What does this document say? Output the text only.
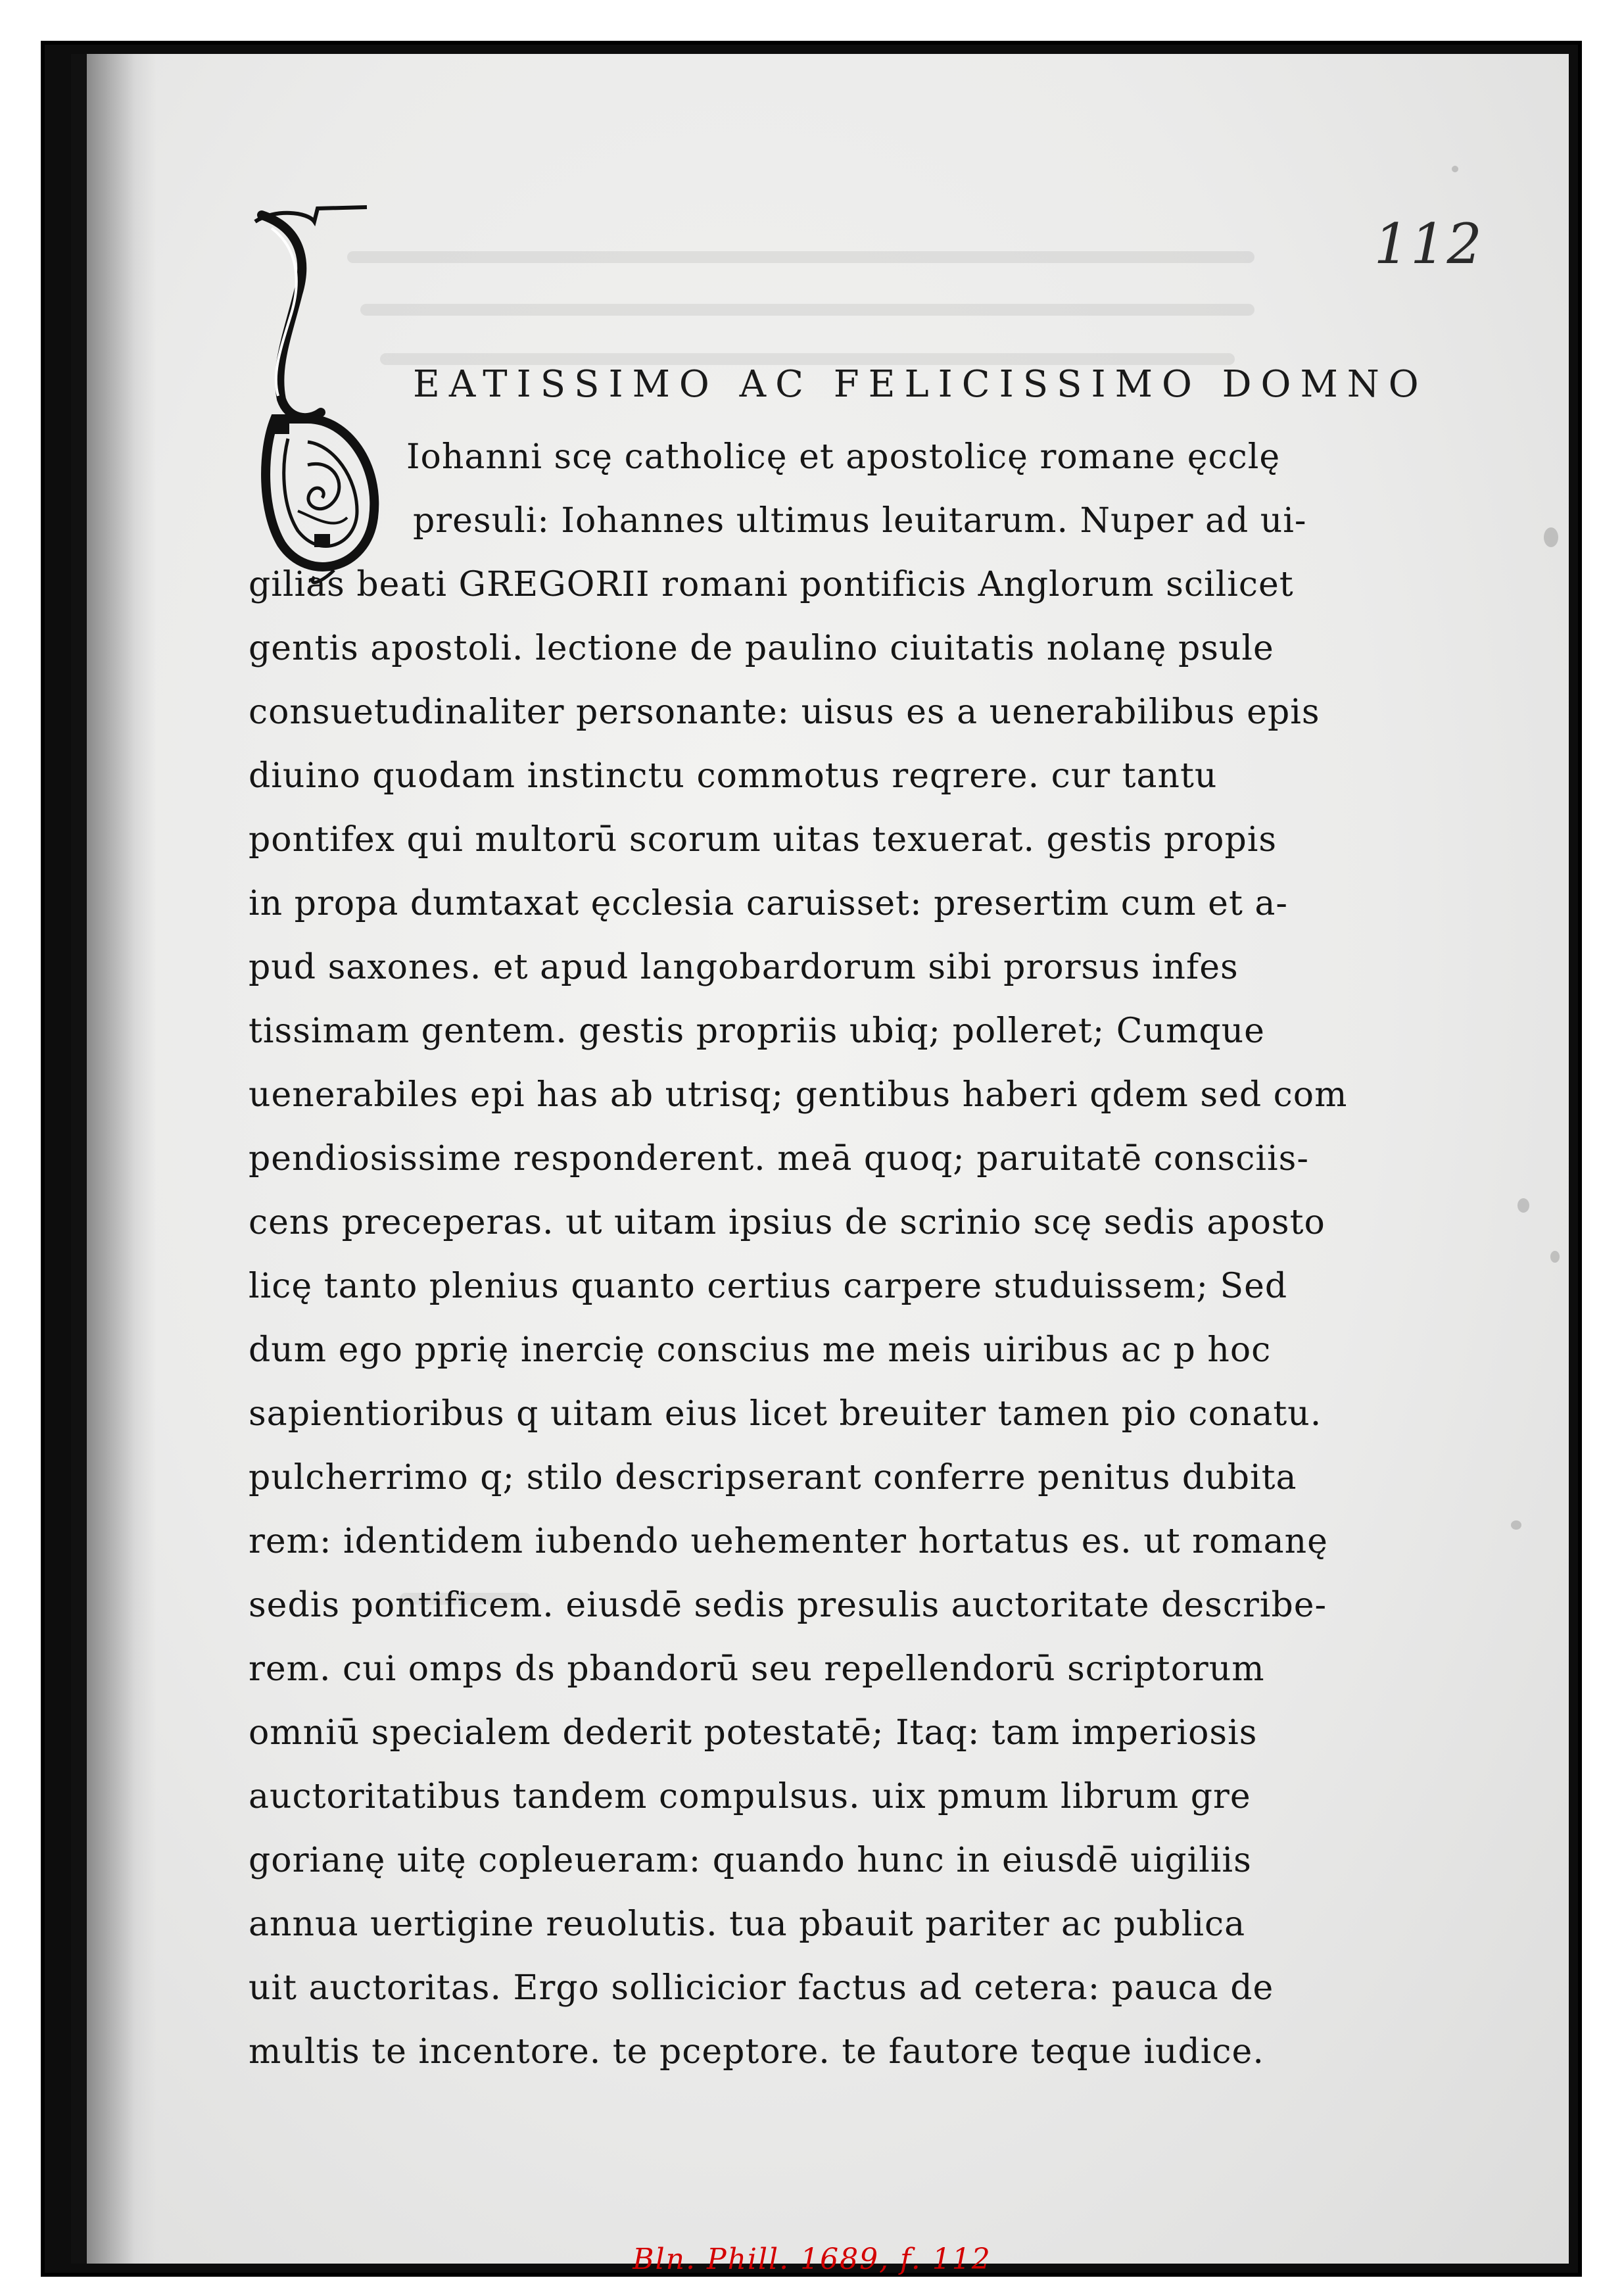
112
EATISSIMO AC FELICISSIMO DOMNO
Iohanni scę catholicę et apostolicę romane ęcclę
presuli: Iohannes ultimus leuitarum. Nuper ad ui-
gilias beati GREGORII romani pontificis Anglorum scilicet
gentis apostoli. lectione de paulino ciuitatis nolanę psule
consuetudinaliter personante: uisus es a uenerabilibus epis
diuino quodam instinctu commotus reqrere. cur tantu
pontifex qui multorū scorum uitas texuerat. gestis propis
in propa dumtaxat ęcclesia caruisset: presertim cum et a-
pud saxones. et apud langobardorum sibi prorsus infes
tissimam gentem. gestis propriis ubiq; polleret; Cumque
uenerabiles epi has ab utrisq; gentibus haberi qdem sed com
pendiosissime responderent. meā quoq; paruitatē consciis-
cens preceperas. ut uitam ipsius de scrinio scę sedis aposto
licę tanto plenius quanto certius carpere studuissem; Sed
dum ego pprię inercię conscius me meis uiribus ac p hoc
sapientioribus q uitam eius licet breuiter tamen pio conatu.
pulcherrimo q; stilo descripserant conferre penitus dubita
rem: identidem iubendo uehementer hortatus es. ut romanę
sedis pontificem. eiusdē sedis presulis auctoritate describe-
rem. cui omps ds pbandorū seu repellendorū scriptorum
omniū specialem dederit potestatē; Itaq: tam imperiosis
auctoritatibus tandem compulsus. uix pmum librum gre
gorianę uitę copleueram: quando hunc in eiusdē uigiliis
annua uertigine reuolutis. tua pbauit pariter ac publica
uit auctoritas. Ergo sollicicior factus ad cetera: pauca de
multis te incentore. te pceptore. te fautore teque iudice.
Bln. Phill. 1689, f. 112
